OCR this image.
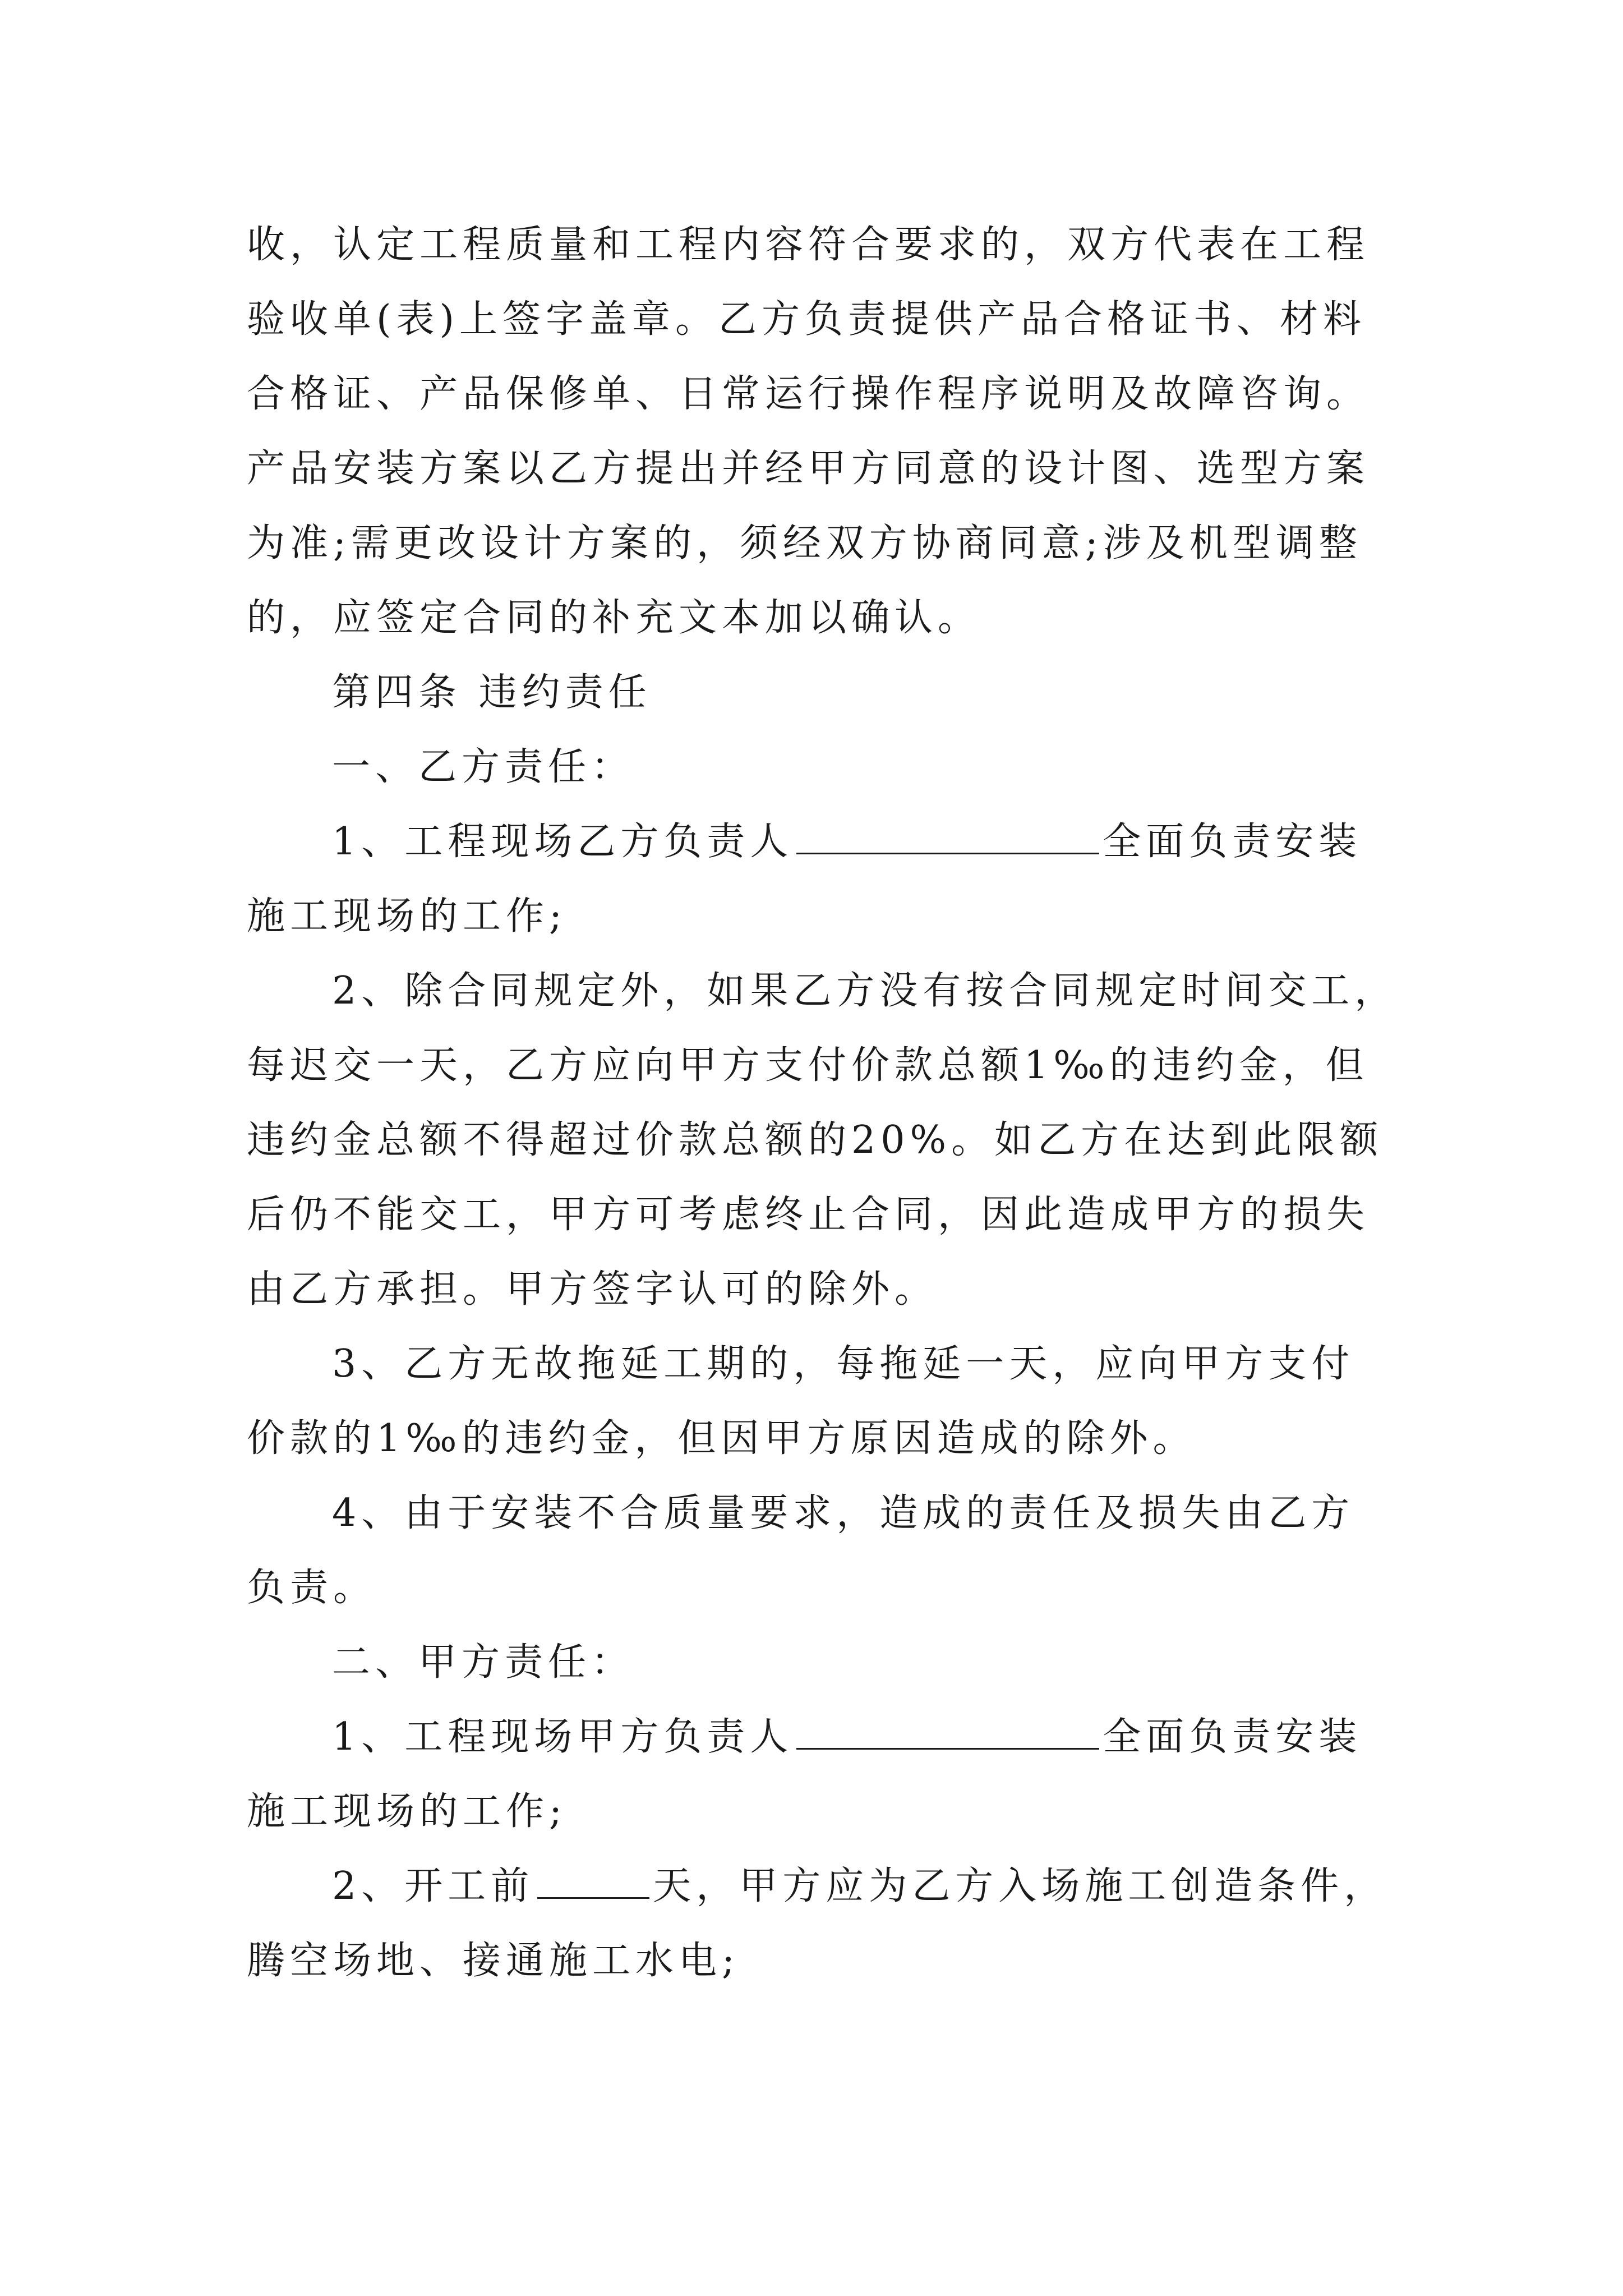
收，认定工程质量和工程内容符合要求的，双方代表在工程
验收单(表)上签字盖章。乙方负责提供产品合格证书、材料
合格证、产品保修单、日常运行操作程序说明及故障咨询。
产品安装方案以乙方提出并经甲方同意的设计图、选型方案
为准;需更改设计方案的，须经双方协商同意;涉及机型调整
的，应签定合同的补充文本加以确认。
第四条 违约责任
一、乙方责任：
1、工程现场乙方负责人	全面负责安装
施工现场的工作;
2、除合同规定外，如果乙方没有按合同规定时间交工，
每迟交一天，乙方应向甲方支付价款总额1‰的违约金，但
违约金总额不得超过价款总额的20%。如乙方在达到此限额
后仍不能交工，甲方可考虑终止合同，因此造成甲方的损失
由乙方承担。甲方签字认可的除外。
3、乙方无故拖延工期的，每拖延一天，应向甲方支付
价款的1‰的违约金，但因甲方原因造成的除外。
4、由于安装不合质量要求，造成的责任及损失由乙方
负责。
二、甲方责任：
1、工程现场甲方负责人	全面负责安装
施工现场的工作;
2、开工前	天，甲方应为乙方入场施工创造条件，
腾空场地、接通施工水电;
